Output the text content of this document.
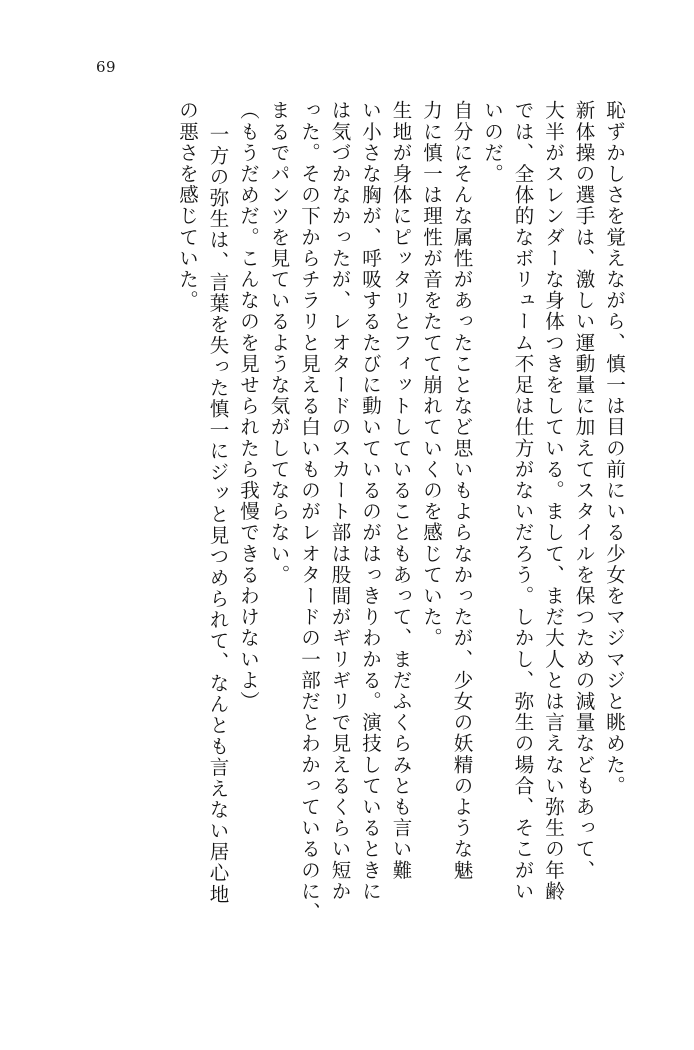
69
恥ずかしさを覚えながら、慎一は目の前にいる少女をマジマジと眺めた。
新体操の選手は、激しい運動量に加えてスタイルを保つための減量などもあって、
大半がスレンダーな身体つきをしている。まして、まだ大人とは言えない弥生の年齢
では、全体的なボリューム不足は仕方がないだろう。しかし、弥生の場合、そこがい
いのだ。
自分にそんな属性があったことなど思いもよらなかったが、少女の妖精のような魅
力に慎一は理性が音をたてて崩れていくのを感じていた。
生地が身体にピッタリとフィットしていることもあって、まだふくらみとも言い難
い小さな胸が、呼吸するたびに動いているのがはっきりわかる。演技しているときに
は気づかなかったが、レオタードのスカート部は股間がギリギリで見えるくらい短か
った。その下からチラリと見える白いものがレオタードの一部だとわかっているのに、
まるでパンツを見ているような気がしてならない。
（もうだめだ。こんなのを見せられたら我慢できるわけないよ）
一方の弥生は、言葉を失った慎一にジッと見つめられて、なんとも言えない居心地
の悪さを感じていた。
